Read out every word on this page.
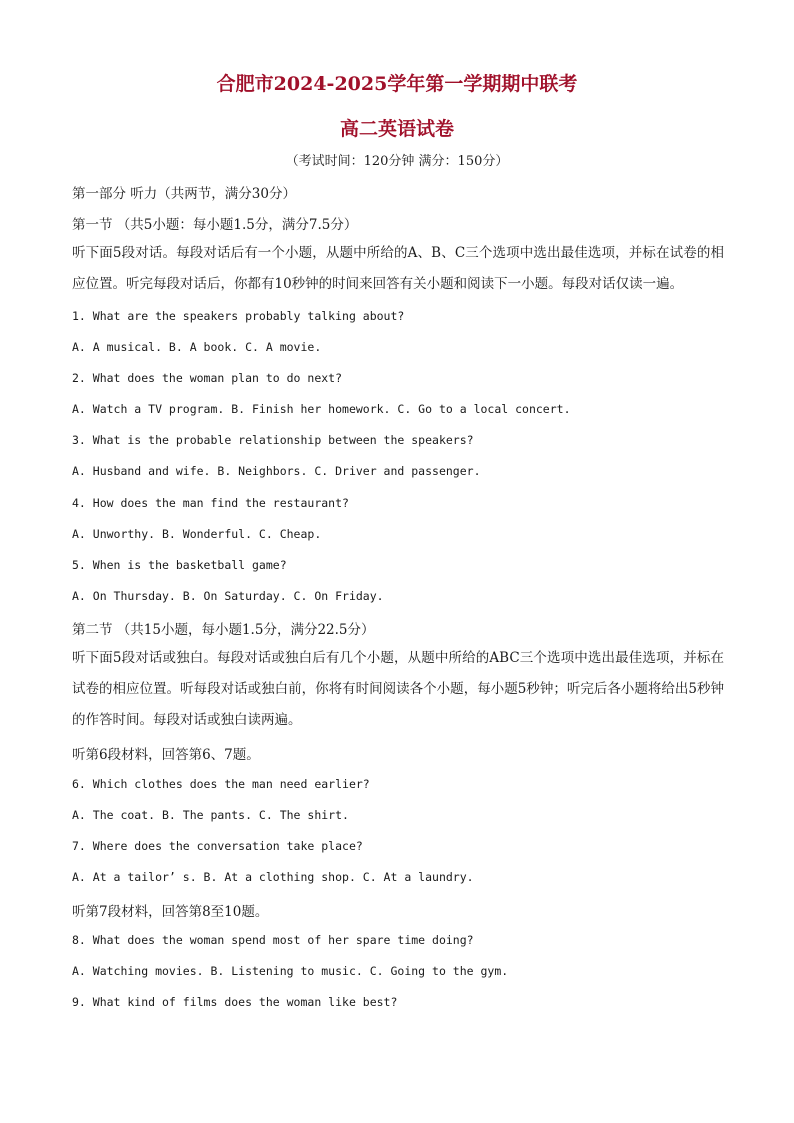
合肥市2024-2025学年第一学期期中联考
高二英语试卷
（考试时间：120分钟 满分：150分）
第一部分 听力（共两节，满分30分）
第一节 （共5小题：每小题1.5分，满分7.5分）
听下面5段对话。每段对话后有一个小题，从题中所给的A、B、C三个选项中选出最佳选项，并标在试卷的相应位置。听完每段对话后，你都有10秒钟的时间来回答有关小题和阅读下一小题。每段对话仅读一遍。
1. What are the speakers probably talking about?
A. A musical. B. A book. C. A movie.
2. What does the woman plan to do next?
A. Watch a TV program. B. Finish her homework. C. Go to a local concert.
3. What is the probable relationship between the speakers?
A. Husband and wife. B. Neighbors. C. Driver and passenger.
4. How does the man find the restaurant?
A. Unworthy. B. Wonderful. C. Cheap.
5. When is the basketball game?
A. On Thursday. B. On Saturday. C. On Friday.
第二节 （共15小题，每小题1.5分，满分22.5分）
听下面5段对话或独白。每段对话或独白后有几个小题，从题中所给的ABC三个选项中选出最佳选项，并标在试卷的相应位置。听每段对话或独白前，你将有时间阅读各个小题，每小题5秒钟；听完后各小题将给出5秒钟的作答时间。每段对话或独白读两遍。
听第6段材料，回答第6、7题。
6. Which clothes does the man need earlier?
A. The coat. B. The pants. C. The shirt.
7. Where does the conversation take place?
A. At a tailor’ s. B. At a clothing shop. C. At a laundry.
听第7段材料，回答第8至10题。
8. What does the woman spend most of her spare time doing?
A. Watching movies. B. Listening to music. C. Going to the gym.
9. What kind of films does the woman like best?
